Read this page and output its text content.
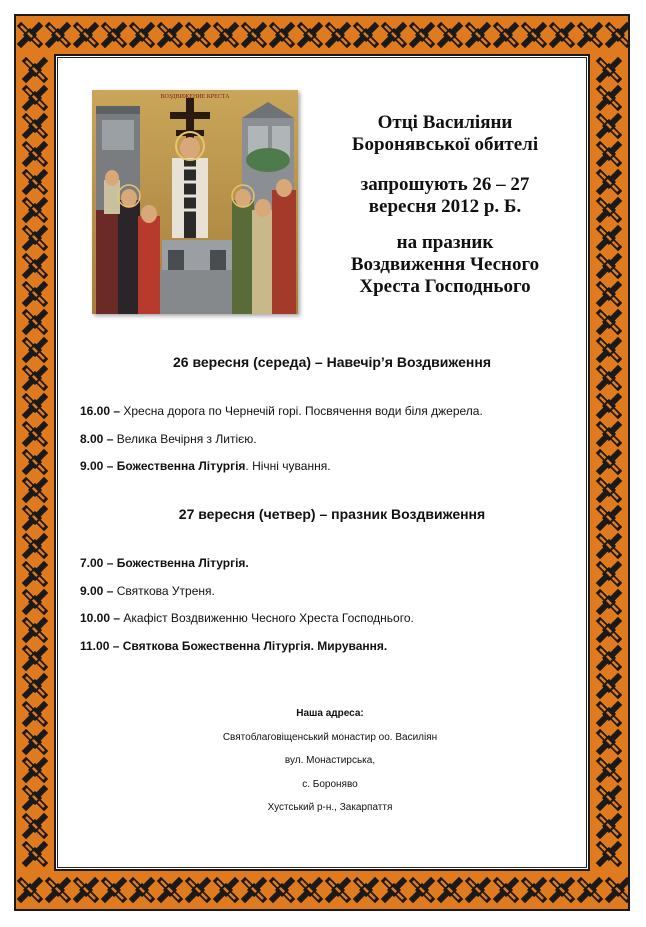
ВОЗДВИЖЕНИЕ КРЕСТА

Отці Василіяни
Боронявської обителі

запрошують 26 – 27
вересня 2012 р. Б.

на празник
Воздвиження Чесного
Хреста Господнього

26 вересня (середа) – Навечір’я Воздвиження

16.00 – Хресна дорога по Чернечій горі. Посвячення води біля джерела.
8.00 – Велика Вечірня з Литією.
9.00 – Божественна Літургія. Нічні чування.

27 вересня (четвер) – празник Воздвиження

7.00 – Божественна Літургія.
9.00 – Святкова Утреня.
10.00 – Акафіст Воздвиженню Чесного Хреста Господнього.
11.00 – Святкова Божественна Літургія. Мирування.
Наша адреса:
Святоблаговіщенський монастир оо. Василіян
вул. Монастирська,
с. Бороняво
Хустський р-н., Закарпаття
